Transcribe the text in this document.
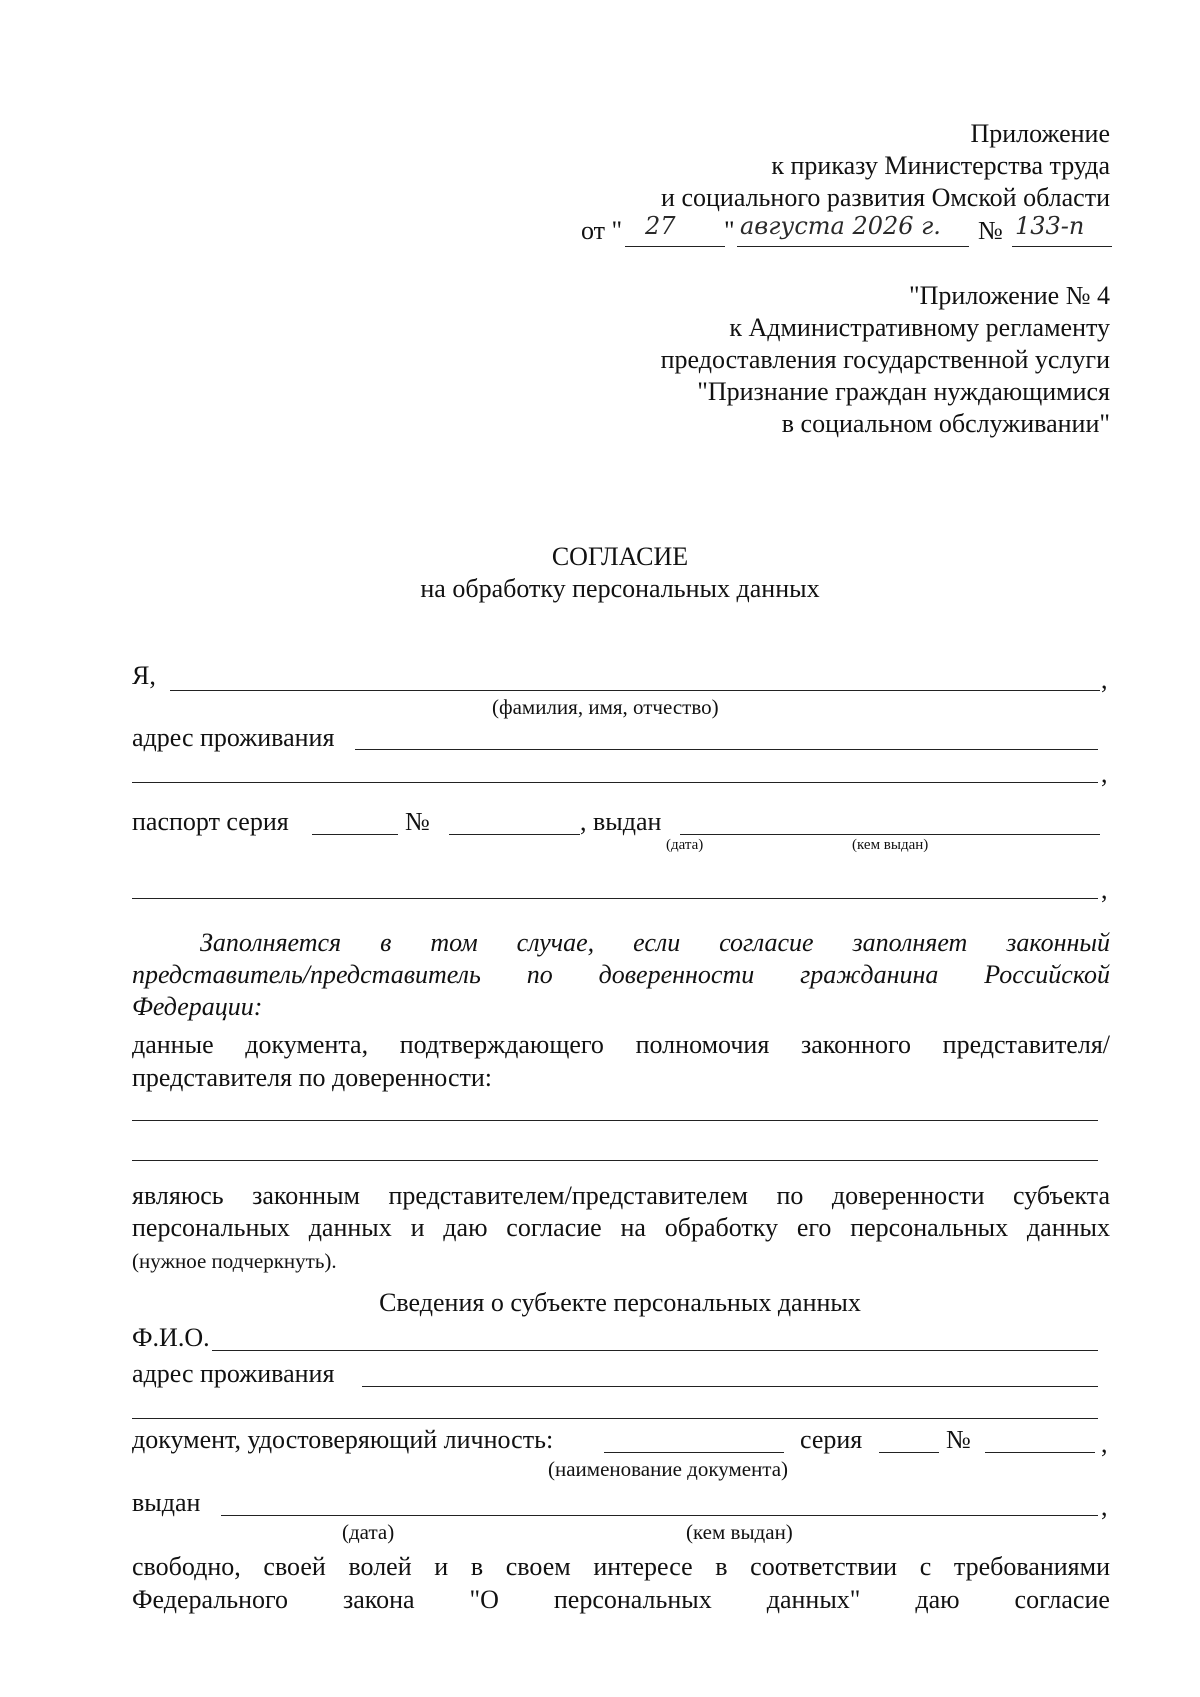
Приложение
к приказу Министерства труда
и социального развития Омской области
от " 27 " августа 2026 г. № 133-п
"Приложение № 4
к Административному регламенту
предоставления государственной услуги
"Признание граждан нуждающимися
в социальном обслуживании"
СОГЛАСИЕ
на обработку персональных данных
Я,	,
(фамилия, имя, отчество)
адрес проживания
,
паспорт серия	№	, выдан
(дата)	(кем выдан)
,
Заполняется в том случае, если согласие заполняет законный
представитель/представитель по доверенности гражданина Российской
Федерации:
данные документа, подтверждающего полномочия законного представителя/
представителя по доверенности:
являюсь законным представителем/представителем по доверенности субъекта
персональных данных и даю согласие на обработку его персональных данных
(нужное подчеркнуть).
Сведения о субъекте персональных данных
Ф.И.О.
адрес проживания
документ, удостоверяющий личность:	серия	№	,
(наименование документа)
выдан	,
(дата)	(кем выдан)
свободно, своей волей и в своем интересе в соответствии с требованиями
Федерального закона "О персональных данных" даю согласие
